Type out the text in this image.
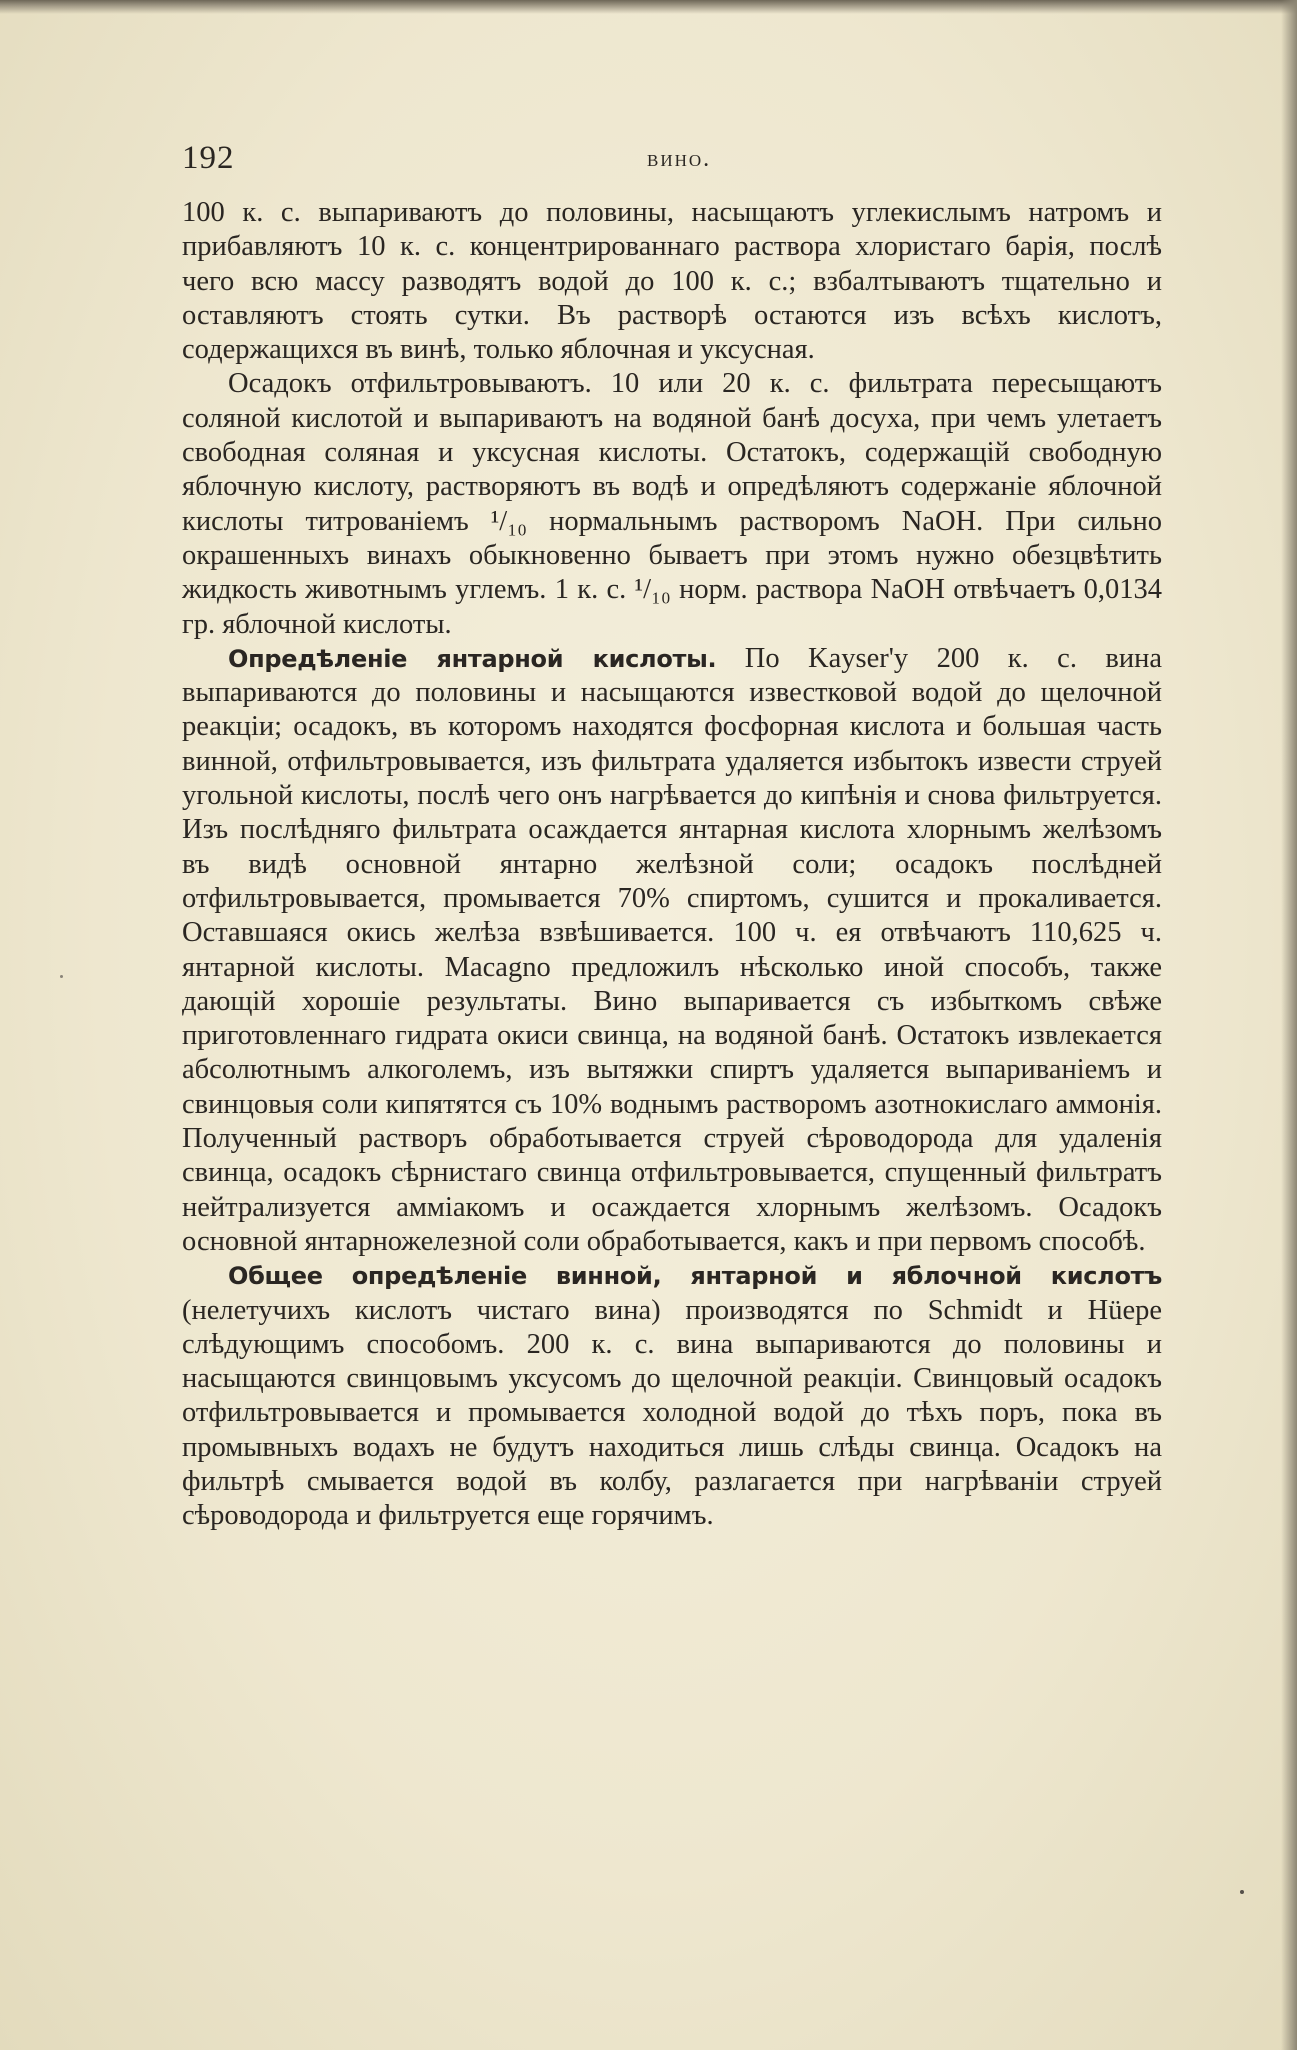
192	вино.

100 к. с. выпариваютъ до половины, насыщаютъ углекислымъ натромъ и прибавляютъ 10 к. с. концентрированнаго раствора хлористаго барія, послѣ чего всю массу разводятъ водой до 100 к. с.; взбалтываютъ тщательно и оставляютъ стоять сутки. Въ растворѣ остаются изъ всѣхъ кислотъ, содержащихся въ винѣ, только яблочная и уксусная.

Осадокъ отфильтровываютъ. 10 или 20 к. с. фильтрата пересыщаютъ соляной кислотой и выпариваютъ на водяной банѣ досуха, при чемъ улетаетъ свободная соляная и уксусная кислоты. Остатокъ, содержащій свободную яблочную кислоту, растворяютъ въ водѣ и опредѣляютъ содержаніе яблочной кислоты титрованіемъ ¹/₁₀ нормальнымъ растворомъ NaOH. При сильно окрашенныхъ винахъ обыкновенно бываетъ при этомъ нужно обезцвѣтить жидкость животнымъ углемъ. 1 к. с. ¹/₁₀ норм. раствора NaOH отвѣчаетъ 0,0134 гр. яблочной кислоты.

Опредѣленіе янтарной кислоты. По Kayser'у 200 к. с. вина выпариваются до половины и насыщаются известковой водой до щелочной реакціи; осадокъ, въ которомъ находятся фосфорная кислота и большая часть винной, отфильтровывается, изъ фильтрата удаляется избытокъ извести струей угольной кислоты, послѣ чего онъ нагрѣвается до кипѣнія и снова фильтруется. Изъ послѣдняго фильтрата осаждается янтарная кислота хлорнымъ желѣзомъ въ видѣ основной янтарно желѣзной соли; осадокъ послѣдней отфильтровывается, промывается 70% спиртомъ, сушится и прокаливается. Оставшаяся окись желѣза взвѣшивается. 100 ч. ея отвѣчаютъ 110,625 ч. янтарной кислоты. Macagno предложилъ нѣсколько иной способъ, также дающій хорошіе результаты. Вино выпаривается съ избыткомъ свѣже приготовленнаго гидрата окиси свинца, на водяной банѣ. Остатокъ извлекается абсолютнымъ алкоголемъ, изъ вытяжки спиртъ удаляется выпариваніемъ и свинцовыя соли кипятятся съ 10% воднымъ растворомъ азотнокислаго аммонія. Полученный растворъ обработывается струей сѣроводорода для удаленія свинца, осадокъ сѣрнистаго свинца отфильтровывается, спущенный фильтратъ нейтрализуется амміакомъ и осаждается хлорнымъ желѣзомъ. Осадокъ основной янтарножелезной соли обработывается, какъ и при первомъ способѣ.

Общее опредѣленіе винной, янтарной и яблочной кислотъ (нелетучихъ кислотъ чистаго вина) производятся по Schmidt и Hüере слѣдующимъ способомъ. 200 к. с. вина выпариваются до половины и насыщаются свинцовымъ уксусомъ до щелочной реакціи. Свинцовый осадокъ отфильтровывается и промывается холодной водой до тѣхъ поръ, пока въ промывныхъ водахъ не будутъ находиться лишь слѣды свинца. Осадокъ на фильтрѣ смывается водой въ колбу, разлагается при нагрѣваніи струей сѣроводорода и фильтруется еще горячимъ.
